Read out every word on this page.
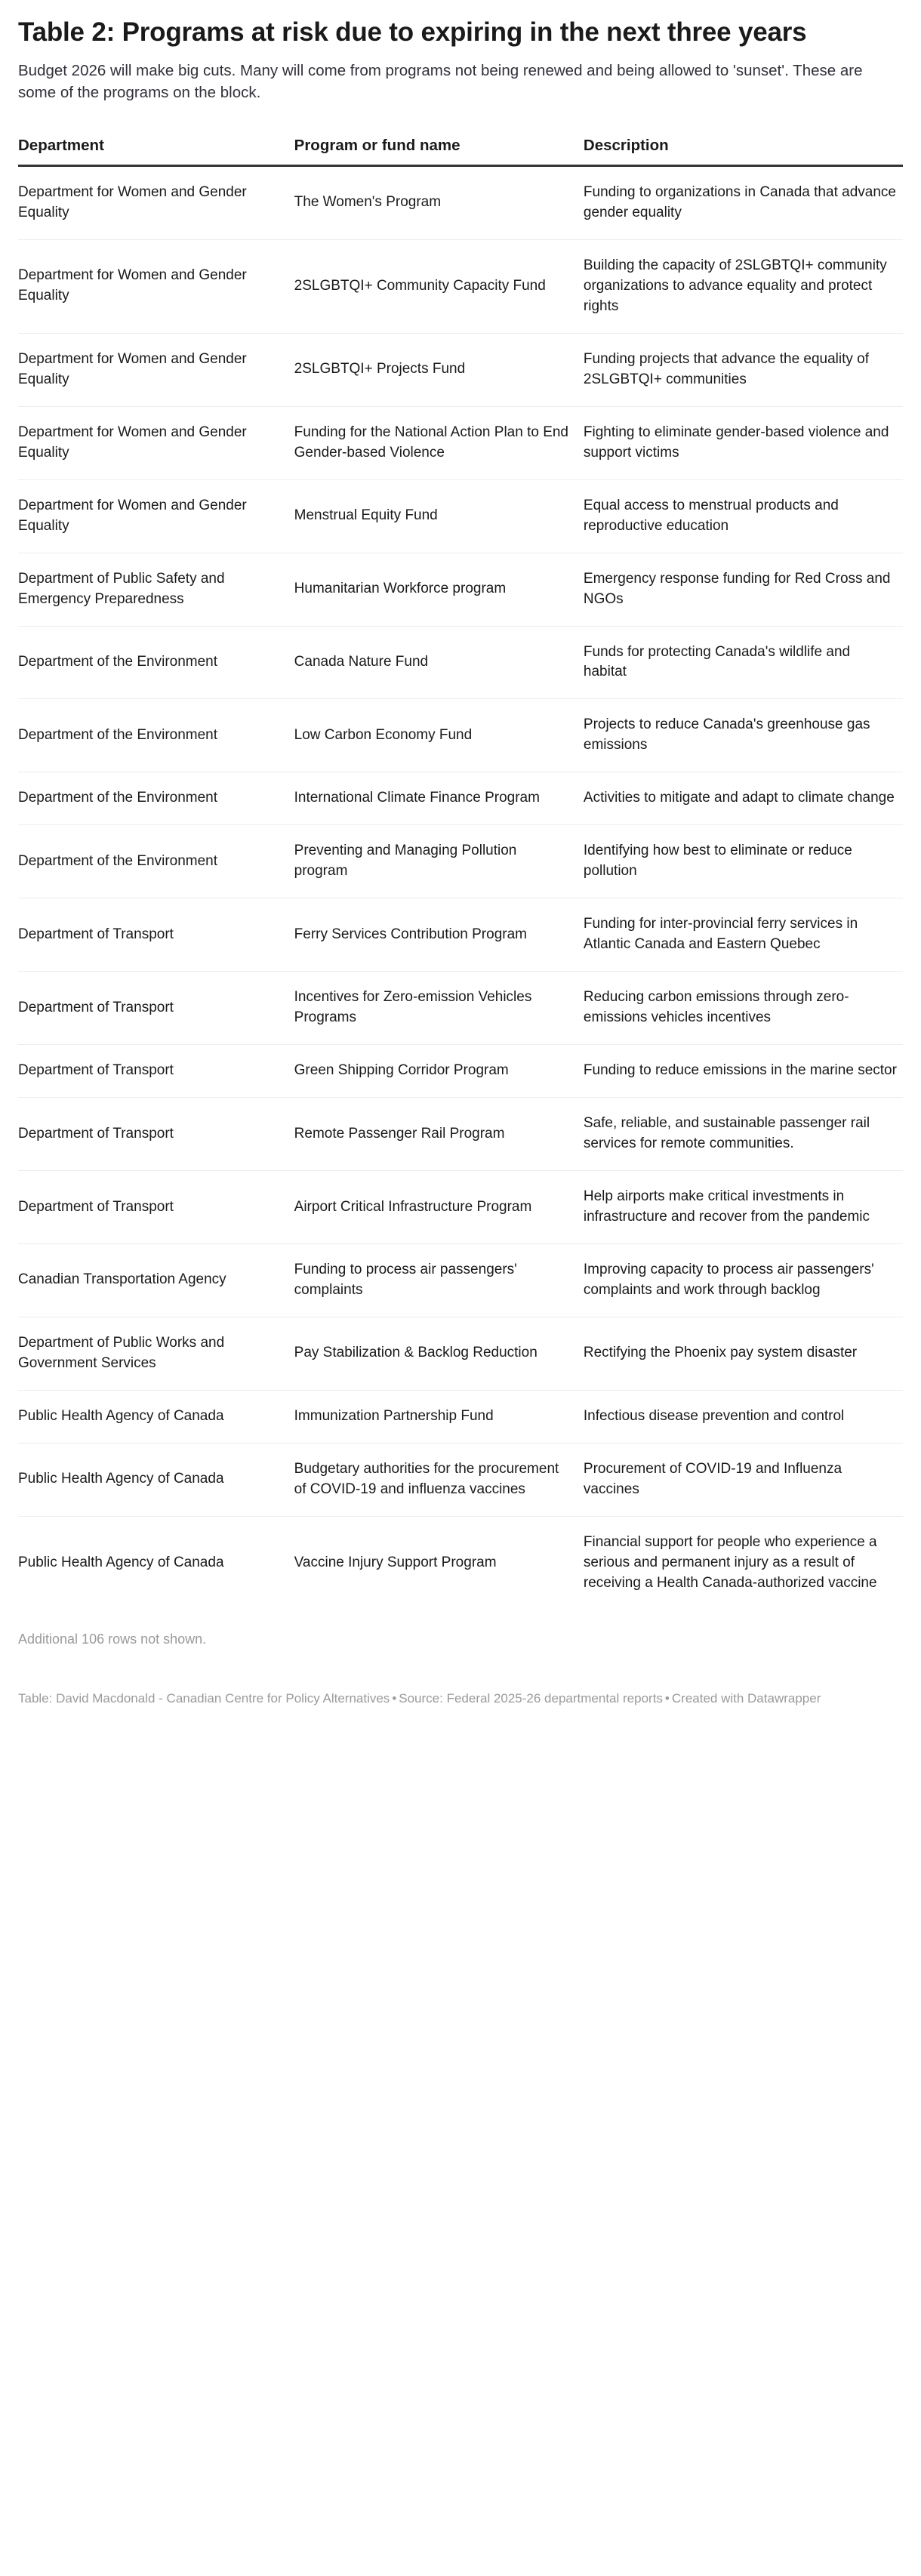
Table 2: Programs at risk due to expiring in the next three years

Budget 2026 will make big cuts. Many will come from programs not being renewed and being allowed to 'sunset'. These are some of the programs on the block.

Department	Program or fund name	Description
Department for Women and Gender Equality	The Women's Program	Funding to organizations in Canada that advance gender equality
Department for Women and Gender Equality	2SLGBTQI+ Community Capacity Fund	Building the capacity of 2SLGBTQI+ community organizations to advance equality and protect rights
Department for Women and Gender Equality	2SLGBTQI+ Projects Fund	Funding projects that advance the equality of 2SLGBTQI+ communities
Department for Women and Gender Equality	Funding for the National Action Plan to End Gender-based Violence	Fighting to eliminate gender-based violence and support victims
Department for Women and Gender Equality	Menstrual Equity Fund	Equal access to menstrual products and reproductive education
Department of Public Safety and Emergency Preparedness	Humanitarian Workforce program	Emergency response funding for Red Cross and NGOs
Department of the Environment	Canada Nature Fund	Funds for protecting Canada's wildlife and habitat
Department of the Environment	Low Carbon Economy Fund	Projects to reduce Canada's greenhouse gas emissions
Department of the Environment	International Climate Finance Program	Activities to mitigate and adapt to climate change
Department of the Environment	Preventing and Managing Pollution program	Identifying how best to eliminate or reduce pollution
Department of Transport	Ferry Services Contribution Program	Funding for inter-provincial ferry services in Atlantic Canada and Eastern Quebec
Department of Transport	Incentives for Zero-emission Vehicles Programs	Reducing carbon emissions through zero-emissions vehicles incentives
Department of Transport	Green Shipping Corridor Program	Funding to reduce emissions in the marine sector
Department of Transport	Remote Passenger Rail Program	Safe, reliable, and sustainable passenger rail services for remote communities.
Department of Transport	Airport Critical Infrastructure Program	Help airports make critical investments in infrastructure and recover from the pandemic
Canadian Transportation Agency	Funding to process air passengers' complaints	Improving capacity to process air passengers' complaints and work through backlog
Department of Public Works and Government Services	Pay Stabilization & Backlog Reduction	Rectifying the Phoenix pay system disaster
Public Health Agency of Canada	Immunization Partnership Fund	Infectious disease prevention and control
Public Health Agency of Canada	Budgetary authorities for the procurement of COVID-19 and influenza vaccines	Procurement of COVID-19 and Influenza vaccines
Public Health Agency of Canada	Vaccine Injury Support Program	Financial support for people who experience a serious and permanent injury as a result of receiving a Health Canada-authorized vaccine

Additional 106 rows not shown.

Table: David Macdonald - Canadian Centre for Policy Alternatives • Source: Federal 2025-26 departmental reports • Created with Datawrapper
